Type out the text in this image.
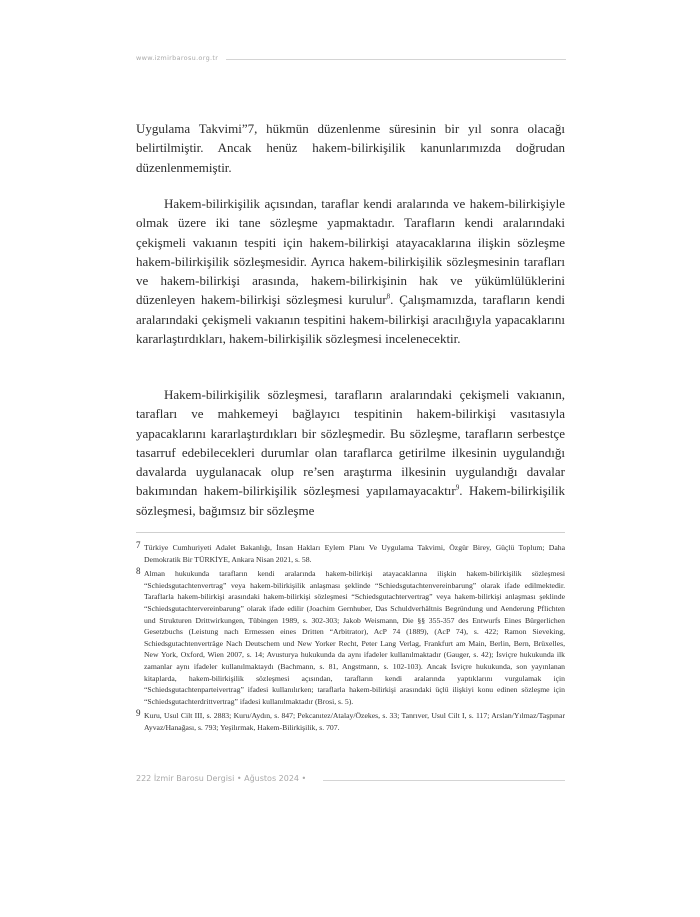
www.izmirbarosu.org.tr

Uygulama Takvimi”7, hükmün düzenlenme süresinin bir yıl sonra olacağı belirtilmiştir. Ancak henüz hakem-bilirkişilik kanunlarımızda doğrudan düzenlenmemiştir.

Hakem-bilirkişilik açısından, taraflar kendi aralarında ve hakem-bilirkişiyle olmak üzere iki tane sözleşme yapmaktadır. Tarafların kendi aralarındaki çekişmeli vakıanın tespiti için hakem-bilirkişi atayacaklarına ilişkin sözleşme hakem-bilirkişilik sözleşmesidir. Ayrıca hakem-bilirkişilik sözleşmesinin tarafları ve hakem-bilirkişi arasında, hakem-bilirkişinin hak ve yükümlülüklerini düzenleyen hakem-bilirkişi sözleşmesi kurulur$^8$. Çalışmamızda, tarafların kendi aralarındaki çekişmeli vakıanın tespitini hakem-bilirkişi aracılığıyla yapacaklarını kararlaştırdıkları, hakem-bilirkişilik sözleşmesi incelenecektir.

Hakem-bilirkişilik sözleşmesi, tarafların aralarındaki çekişmeli vakıanın, tarafları ve mahkemeyi bağlayıcı tespitinin hakem-bilirkişi vasıtasıyla yapacaklarını kararlaştırdıkları bir sözleşmedir. Bu sözleşme, tarafların serbestçe tasarruf edebilecekleri durumlar olan taraflarca getirilme ilkesinin uygulandığı davalarda uygulanacak olup re’sen araştırma ilkesinin uygulandığı davalar bakımından hakem-bilirkişilik sözleşmesi yapılamayacaktır$^9$. Hakem-bilirkişilik sözleşmesi, bağımsız bir sözleşme

7 Türkiye Cumhuriyeti Adalet Bakanlığı, İnsan Hakları Eylem Planı Ve Uygulama Takvimi, Özgür Birey, Güçlü Toplum; Daha Demokratik Bir TÜRKİYE, Ankara Nisan 2021, s. 58.
8 Alman hukukunda tarafların kendi aralarında hakem-bilirkişi atayacaklarına ilişkin hakem-bilirkişilik sözleşmesi “Schiedsgutachtenvertrag” veya hakem-bilirkişilik anlaşması şeklinde “Schiedsgutachtenvereinbarung” olarak ifade edilmektedir. Taraflarla hakem-bilirkişi arasındaki hakem-bilirkişi sözleşmesi “Schiedsgutachtervertrag” veya hakem-bilirkişi anlaşması şeklinde “Schiedsgutachtervereinbarung” olarak ifade edilir (Joachim Gernhuber, Das Schuldverhältnis Begründung und Aenderung Pflichten und Strukturen Drittwirkungen, Tübingen 1989, s. 302-303; Jakob Weismann, Die §§ 355-357 des Entwurfs Eines Bürgerlichen Gesetzbuchs (Leistung nach Ermessen eines Dritten “Arbitrator), AcP 74 (1889), (AcP 74), s. 422; Ramon Sieveking, Schiedsgutachtenverträge Nach Deutschem und New Yorker Recht, Peter Lang Verlag, Frankfurt am Main, Berlin, Bern, Brüxelles, New York, Oxford, Wien 2007, s. 14; Avusturya hukukunda da aynı ifadeler kullanılmaktadır (Gauger, s. 42); İsviçre hukukunda ilk zamanlar aynı ifadeler kullanılmaktaydı (Bachmann, s. 81, Angstmann, s. 102-103). Ancak İsviçre hukukunda, son yayınlanan kitaplarda, hakem-bilirkişilik sözleşmesi açısından, tarafların kendi aralarında yaptıklarını vurgulamak için “Schiedsgutachtenparteivertrag” ifadesi kullanılırken; taraflarla hakem-bilirkişi arasındaki üçlü ilişkiyi konu edinen sözleşme için “Schiedsgutachterdrittvertrag” ifadesi kullanılmaktadır (Brosi, s. 5).
9 Kuru, Usul Cilt III, s. 2883; Kuru/Aydın, s. 847; Pekcanıtez/Atalay/Özekes, s. 33; Tanrıver, Usul Cilt I, s. 117; Arslan/Yılmaz/Taşpınar Ayvaz/Hanağası, s. 793; Yeşilırmak, Hakem-Bilirkişilik, s. 707.
222 İzmir Barosu Dergisi • Ağustos 2024 •
